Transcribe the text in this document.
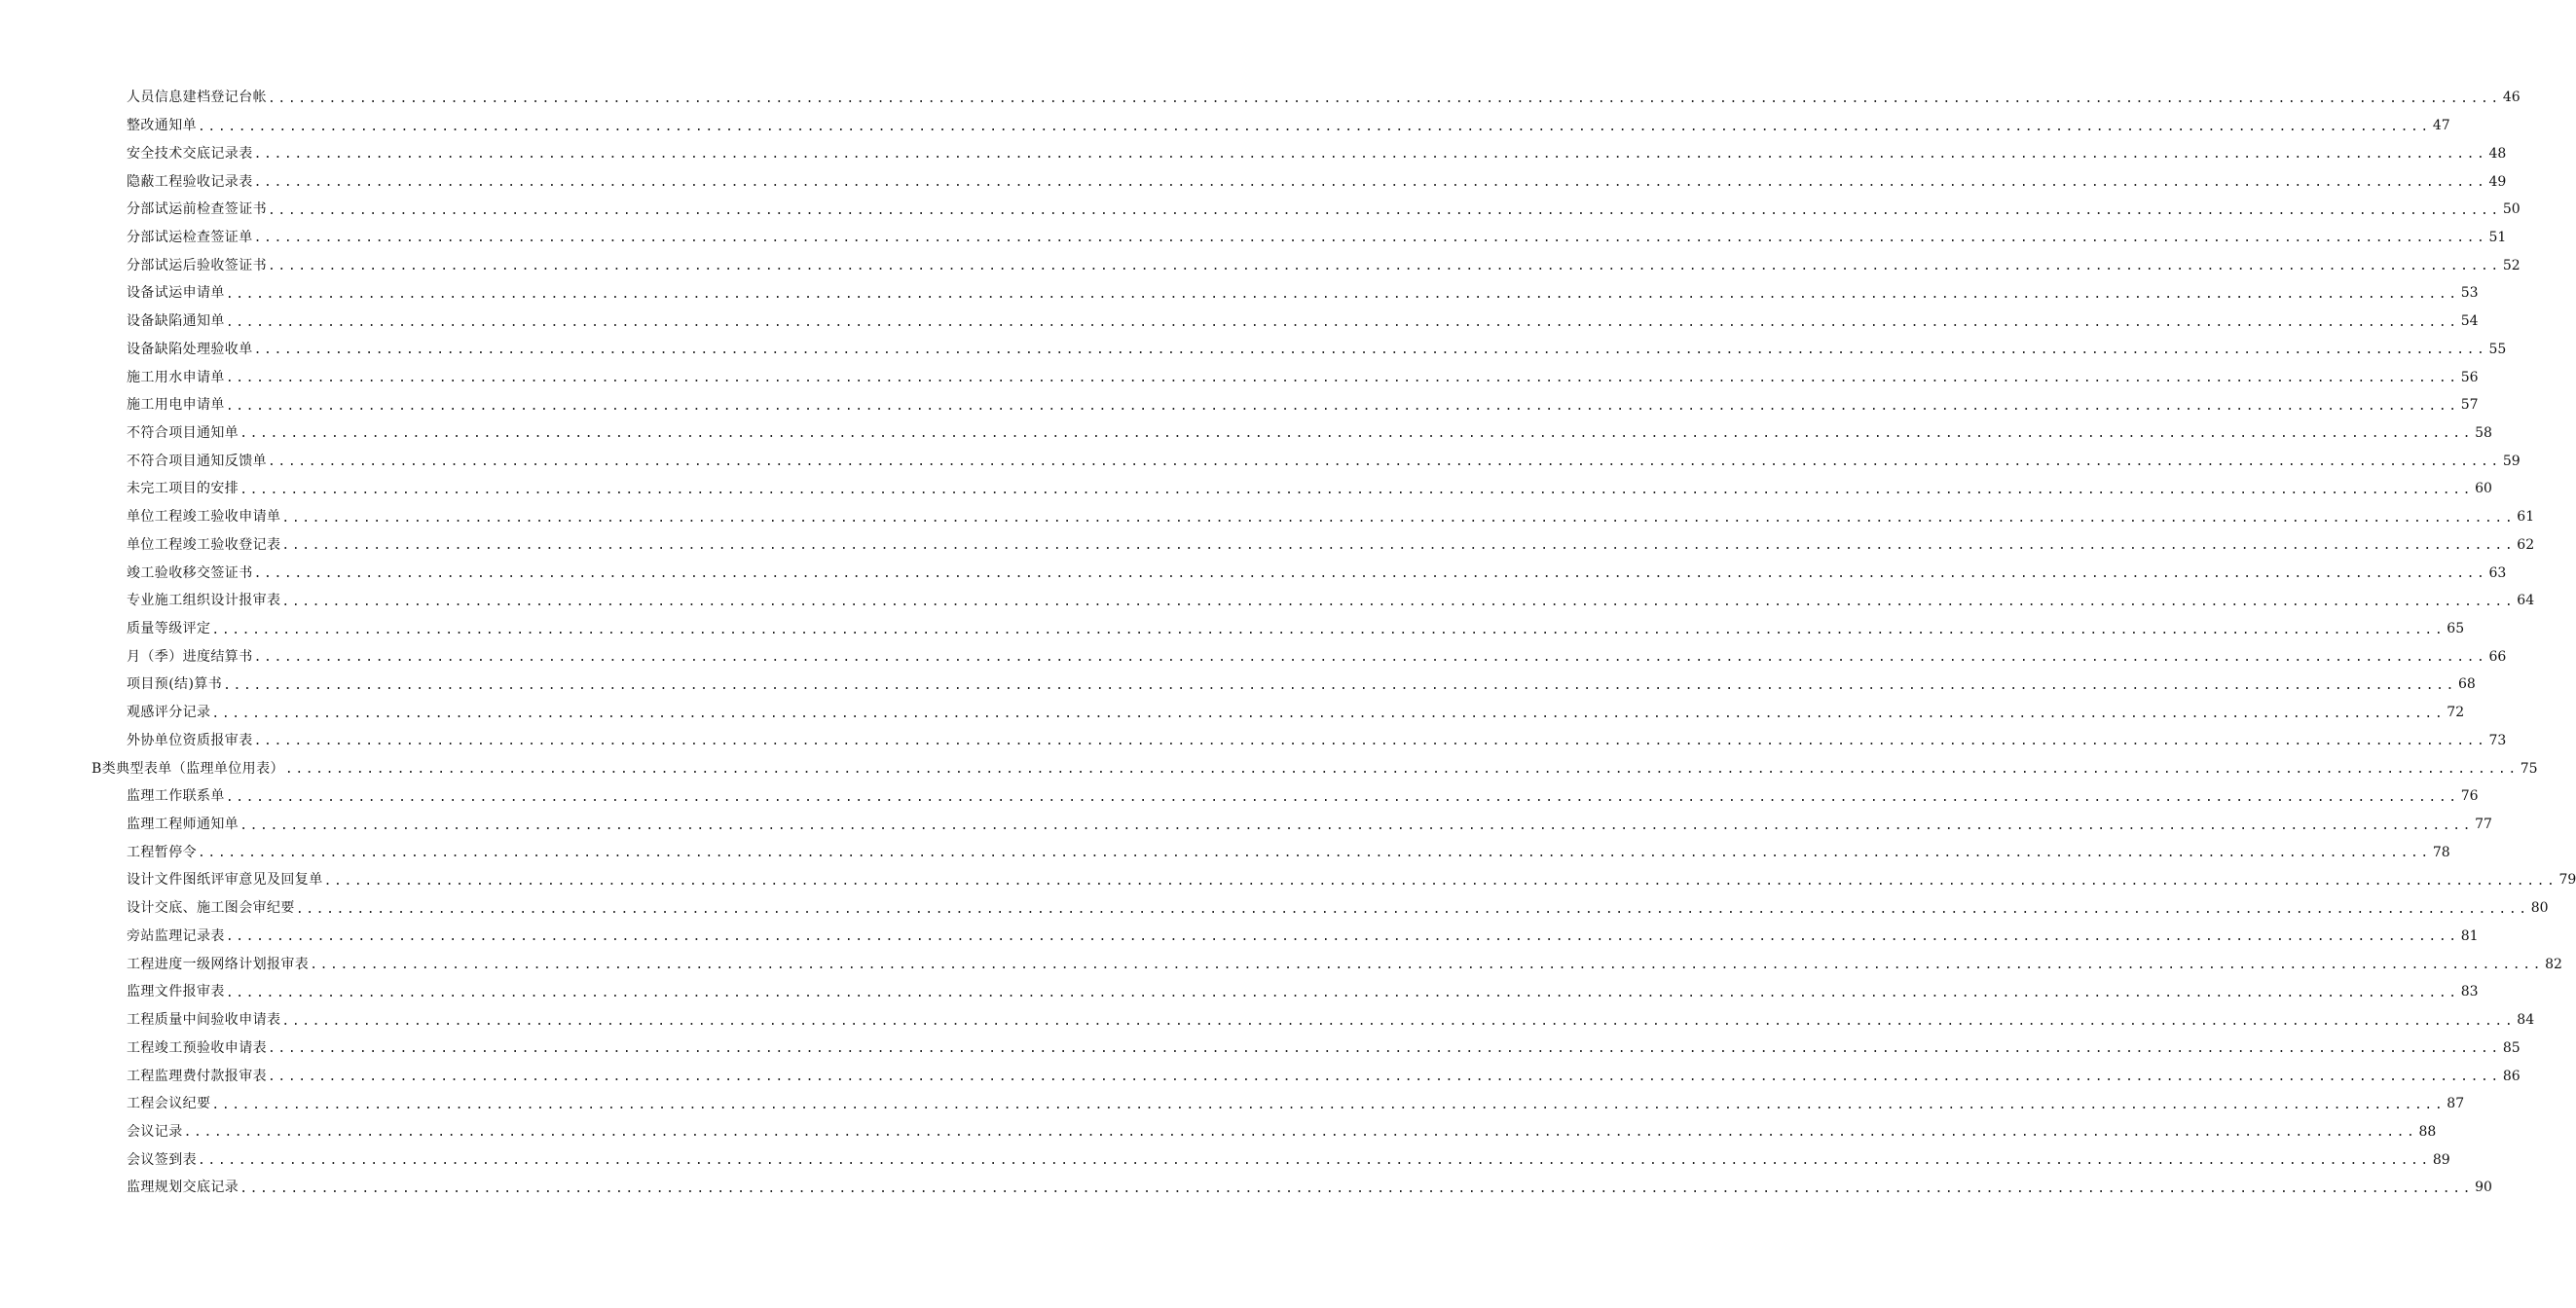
人员信息建档登记台帐 ............................................................................................................................................................................................................................ 46
整改通知单 ............................................................................................................................................................................................................................ 47
安全技术交底记录表 ............................................................................................................................................................................................................................ 48
隐蔽工程验收记录表 ............................................................................................................................................................................................................................ 49
分部试运前检查签证书 ............................................................................................................................................................................................................................ 50
分部试运检查签证单 ............................................................................................................................................................................................................................ 51
分部试运后验收签证书 ............................................................................................................................................................................................................................ 52
设备试运申请单 ............................................................................................................................................................................................................................ 53
设备缺陷通知单 ............................................................................................................................................................................................................................ 54
设备缺陷处理验收单 ............................................................................................................................................................................................................................ 55
施工用水申请单 ............................................................................................................................................................................................................................ 56
施工用电申请单 ............................................................................................................................................................................................................................ 57
不符合项目通知单 ............................................................................................................................................................................................................................ 58
不符合项目通知反馈单 ............................................................................................................................................................................................................................ 59
未完工项目的安排 ............................................................................................................................................................................................................................ 60
单位工程竣工验收申请单 ............................................................................................................................................................................................................................ 61
单位工程竣工验收登记表 ............................................................................................................................................................................................................................ 62
竣工验收移交签证书 ............................................................................................................................................................................................................................ 63
专业施工组织设计报审表 ............................................................................................................................................................................................................................ 64
质量等级评定 ............................................................................................................................................................................................................................ 65
月（季）进度结算书 ............................................................................................................................................................................................................................ 66
项目预(结)算书 ............................................................................................................................................................................................................................ 68
观感评分记录 ............................................................................................................................................................................................................................ 72
外协单位资质报审表 ............................................................................................................................................................................................................................ 73
B类典型表单（监理单位用表） ............................................................................................................................................................................................................................ 75
监理工作联系单 ............................................................................................................................................................................................................................ 76
监理工程师通知单 ............................................................................................................................................................................................................................ 77
工程暂停令 ............................................................................................................................................................................................................................ 78
设计文件图纸评审意见及回复单 ............................................................................................................................................................................................................................ 79
设计交底、施工图会审纪要 ............................................................................................................................................................................................................................ 80
旁站监理记录表 ............................................................................................................................................................................................................................ 81
工程进度一级网络计划报审表 ............................................................................................................................................................................................................................ 82
监理文件报审表 ............................................................................................................................................................................................................................ 83
工程质量中间验收申请表 ............................................................................................................................................................................................................................ 84
工程竣工预验收申请表 ............................................................................................................................................................................................................................ 85
工程监理费付款报审表 ............................................................................................................................................................................................................................ 86
工程会议纪要 ............................................................................................................................................................................................................................ 87
会议记录 ............................................................................................................................................................................................................................ 88
会议签到表 ............................................................................................................................................................................................................................ 89
监理规划交底记录 ............................................................................................................................................................................................................................ 90
